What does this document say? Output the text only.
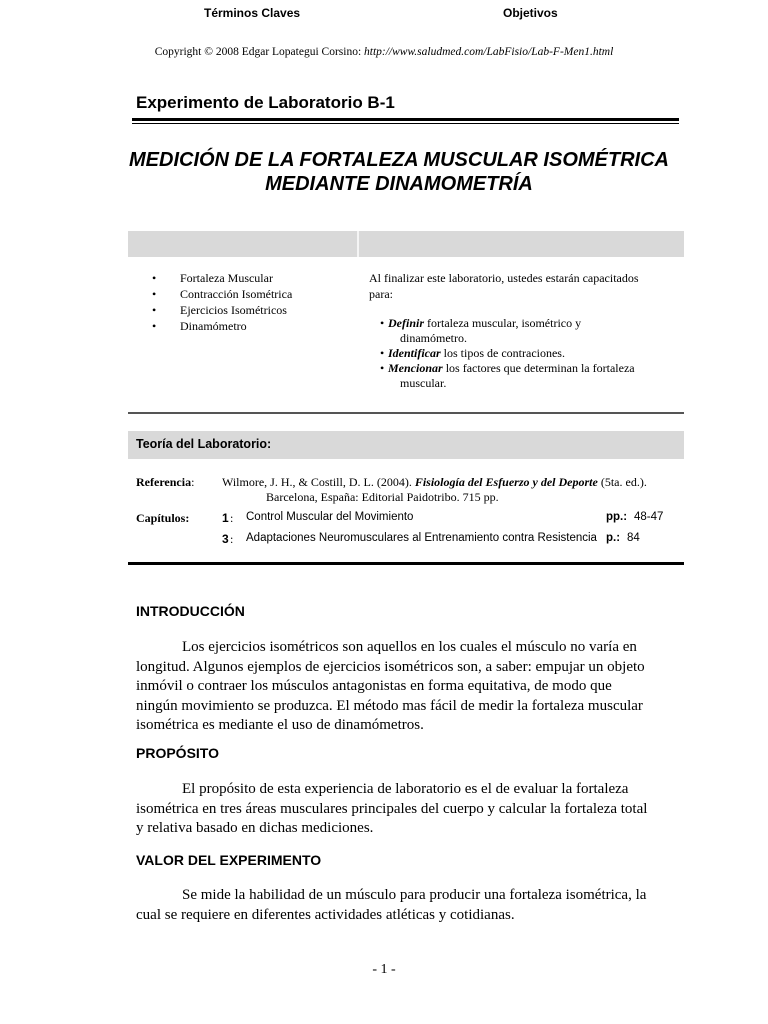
Copyright © 2008 Edgar Lopategui Corsino: http://www.saludmed.com/LabFisio/Lab-F-Men1.html
Experimento de Laboratorio B-1
MEDICIÓN DE LA FORTALEZA MUSCULAR ISOMÉTRICA
MEDIANTE DINAMOMETRÍA
Términos Claves	Objetivos
• Fortaleza Muscular
• Contracción Isométrica
• Ejercicios Isométricos
• Dinamómetro
Al finalizar este laboratorio, ustedes estarán capacitados
para:
• Definir fortaleza muscular, isométrico y
dinamómetro.
• Identificar los tipos de contraciones.
• Mencionar los factores que determinan la fortaleza
muscular.
Teoría del Laboratorio:
Referencia: Wilmore, J. H., & Costill, D. L. (2004). Fisiología del Esfuerzo y del Deporte (5ta. ed.).
Barcelona, España: Editorial Paidotribo. 715 pp.
Capítulos:	1 : Control Muscular del Movimiento	pp.: 48-47
3 : Adaptaciones Neuromusculares al Entrenamiento contra Resistencia p.: 84
INTRODUCCIÓN
Los ejercicios isométricos son aquellos en los cuales el músculo no varía en longitud. Algunos ejemplos de ejercicios isométricos son, a saber: empujar un objeto inmóvil o contraer los músculos antagonistas en forma equitativa, de modo que ningún movimiento se produzca. El método mas fácil de medir la fortaleza muscular isométrica es mediante el uso de dinamómetros.
PROPÓSITO
El propósito de esta experiencia de laboratorio es el de evaluar la fortaleza isométrica en tres áreas musculares principales del cuerpo y calcular la fortaleza total y relativa basado en dichas mediciones.
VALOR DEL EXPERIMENTO
Se mide la habilidad de un músculo para producir una fortaleza isométrica, la cual se requiere en diferentes actividades atléticas y cotidianas.
- 1 -
